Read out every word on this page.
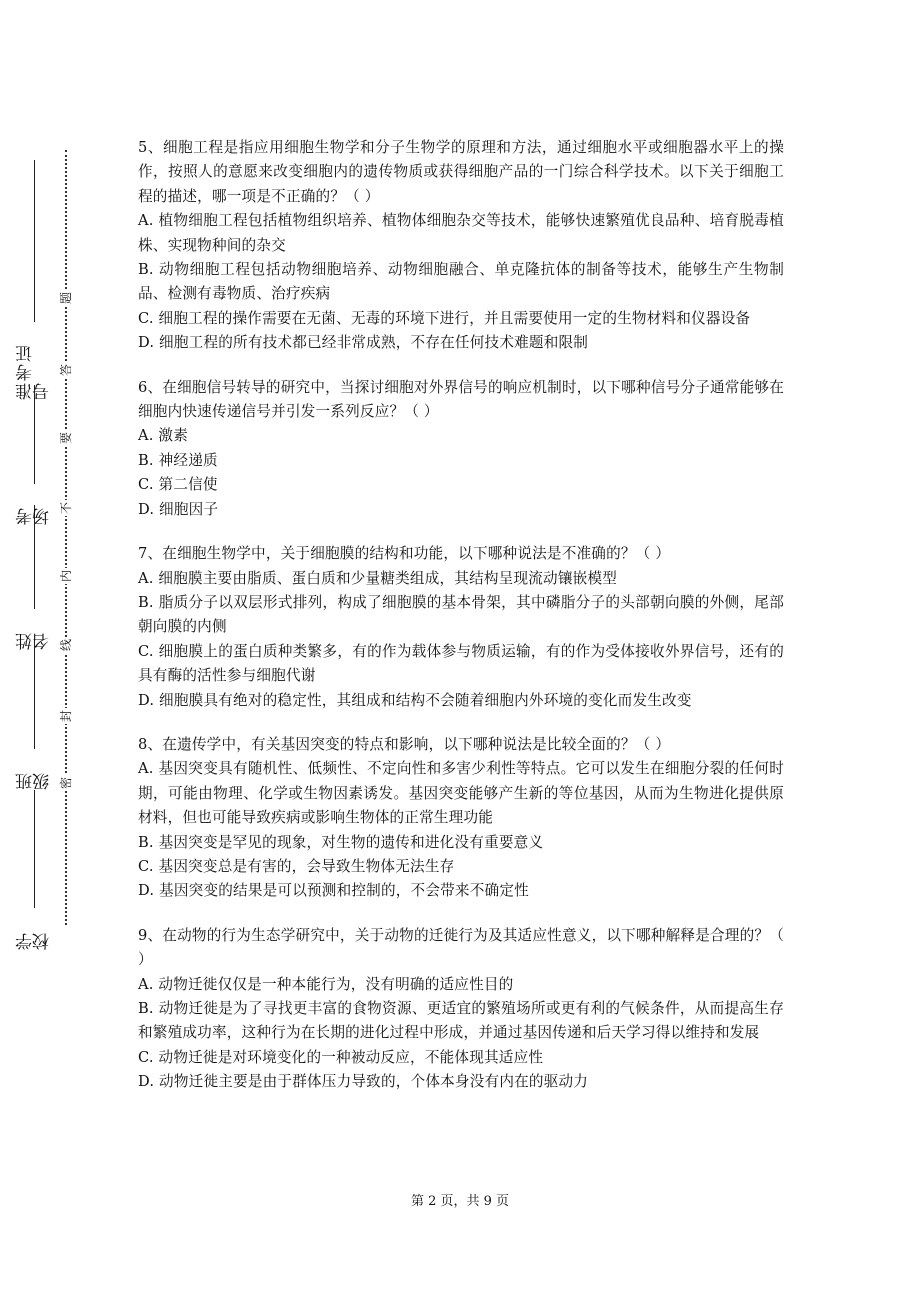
学校
班级
姓名
考场
准考证号
密
封
线
内
不
要
答
题

5、细胞工程是指应用细胞生物学和分子生物学的原理和方法，通过细胞水平或细胞器水平上的操作，按照人的意愿来改变细胞内的遗传物质或获得细胞产品的一门综合科学技术。以下关于细胞工程的描述，哪一项是不正确的？（ ）

A. 植物细胞工程包括植物组织培养、植物体细胞杂交等技术，能够快速繁殖优良品种、培育脱毒植株、实现物种间的杂交

B. 动物细胞工程包括动物细胞培养、动物细胞融合、单克隆抗体的制备等技术，能够生产生物制品、检测有毒物质、治疗疾病

C. 细胞工程的操作需要在无菌、无毒的环境下进行，并且需要使用一定的生物材料和仪器设备

D. 细胞工程的所有技术都已经非常成熟，不存在任何技术难题和限制

6、在细胞信号转导的研究中，当探讨细胞对外界信号的响应机制时，以下哪种信号分子通常能够在细胞内快速传递信号并引发一系列反应？（ ）

A. 激素

B. 神经递质

C. 第二信使

D. 细胞因子

7、在细胞生物学中，关于细胞膜的结构和功能，以下哪种说法是不准确的？（ ）

A. 细胞膜主要由脂质、蛋白质和少量糖类组成，其结构呈现流动镶嵌模型

B. 脂质分子以双层形式排列，构成了细胞膜的基本骨架，其中磷脂分子的头部朝向膜的外侧，尾部朝向膜的内侧

C. 细胞膜上的蛋白质种类繁多，有的作为载体参与物质运输，有的作为受体接收外界信号，还有的具有酶的活性参与细胞代谢

D. 细胞膜具有绝对的稳定性，其组成和结构不会随着细胞内外环境的变化而发生改变

8、在遗传学中，有关基因突变的特点和影响，以下哪种说法是比较全面的？（ ）

A. 基因突变具有随机性、低频性、不定向性和多害少利性等特点。它可以发生在细胞分裂的任何时期，可能由物理、化学或生物因素诱发。基因突变能够产生新的等位基因，从而为生物进化提供原材料，但也可能导致疾病或影响生物体的正常生理功能

B. 基因突变是罕见的现象，对生物的遗传和进化没有重要意义

C. 基因突变总是有害的，会导致生物体无法生存

D. 基因突变的结果是可以预测和控制的，不会带来不确定性

9、在动物的行为生态学研究中，关于动物的迁徙行为及其适应性意义，以下哪种解释是合理的？（ ）

A. 动物迁徙仅仅是一种本能行为，没有明确的适应性目的

B. 动物迁徙是为了寻找更丰富的食物资源、更适宜的繁殖场所或更有利的气候条件，从而提高生存和繁殖成功率，这种行为在长期的进化过程中形成，并通过基因传递和后天学习得以维持和发展

C. 动物迁徙是对环境变化的一种被动反应，不能体现其适应性

D. 动物迁徙主要是由于群体压力导致的，个体本身没有内在的驱动力

第 2 页，共 9 页
